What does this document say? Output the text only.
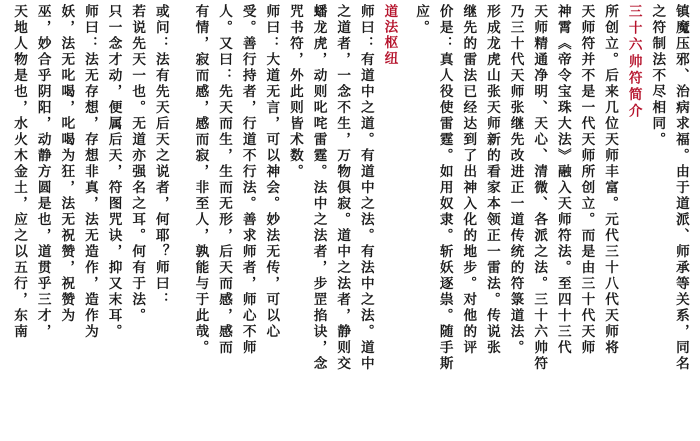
镇魔压邪、治病求福。由于道派、师承等关系，同名
之符制法不尽相同。
三十六帅符简介
所创立。后来几位天师丰富。元代三十八代天师将
天师符并不是一代天师所创立。而是由三十代天师
神霄《帝令宝珠大法》融入天师符法。至四十三代
天师精通净明、天心、清微、各派之法。三十六帅符
乃三十代天师张继先改进正一道传统的符箓道法。
形成龙虎山张天师新的看家本领正一雷法。传说张
继先的雷法已经达到了出神入化的地步。对他的评
价是：真人役使雷霆。如用奴隶。斩妖逐祟。随手斯
应。
道法枢纽
师曰：有道中之道。有道中之法。有法中之法。道中
之道者，一念不生，万物俱寂。道中之法者，静则交
蟠龙虎，动则叱咤雷霆。法中之法者，步罡掐诀，念
咒书符，外此则皆术数。
师曰：大道无言，可以神会。妙法无传，可以心
受。善行持者，行道不行法。善求师者，师心不师
人。又曰：先天而生，生而无形，后天而感，感而
有情，寂而感，感而寂，非至人，孰能与于此哉。
或问：法有先天后天之说者，何耶？师曰：
若说先天一也。无道亦强名之耳。何有于法。
只一念才动，便属后天，符图咒诀，抑又末耳。
师曰：法无存想，存想非真，法无造作，造作为
妖，法无叱喝，叱喝为狂，法无祝赞，祝赞为
巫，妙合乎阴阳，动静方圆是也，道贯乎三才，
天地人物是也，水火木金土，应之以五行，东南
